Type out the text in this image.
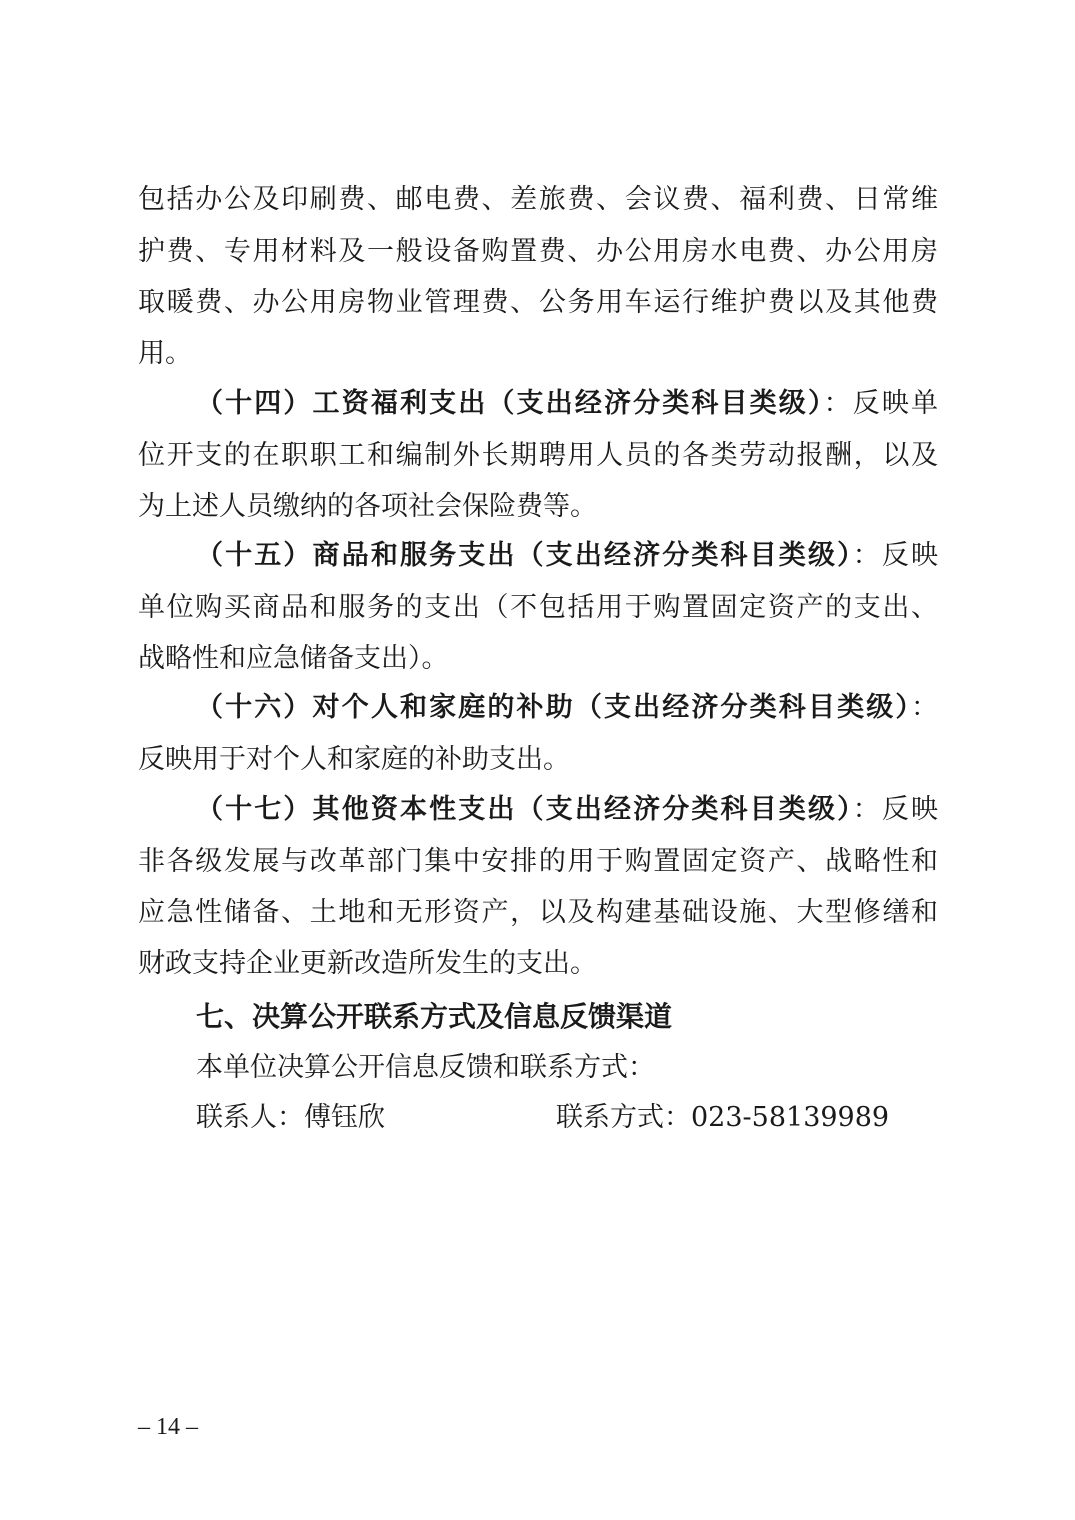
包括办公及印刷费、邮电费、差旅费、会议费、福利费、日常维
护费、专用材料及一般设备购置费、办公用房水电费、办公用房
取暖费、办公用房物业管理费、公务用车运行维护费以及其他费
用。
（十四）工资福利支出（支出经济分类科目类级）：反映单
位开支的在职职工和编制外长期聘用人员的各类劳动报酬，以及
为上述人员缴纳的各项社会保险费等。
（十五）商品和服务支出（支出经济分类科目类级）：反映
单位购买商品和服务的支出（不包括用于购置固定资产的支出、
战略性和应急储备支出）。
（十六）对个人和家庭的补助（支出经济分类科目类级）：
反映用于对个人和家庭的补助支出。
（十七）其他资本性支出（支出经济分类科目类级）：反映
非各级发展与改革部门集中安排的用于购置固定资产、战略性和
应急性储备、土地和无形资产，以及构建基础设施、大型修缮和
财政支持企业更新改造所发生的支出。
七、决算公开联系方式及信息反馈渠道
本单位决算公开信息反馈和联系方式：
联系人：傅钰欣	联系方式：023-58139989
– 14 –
